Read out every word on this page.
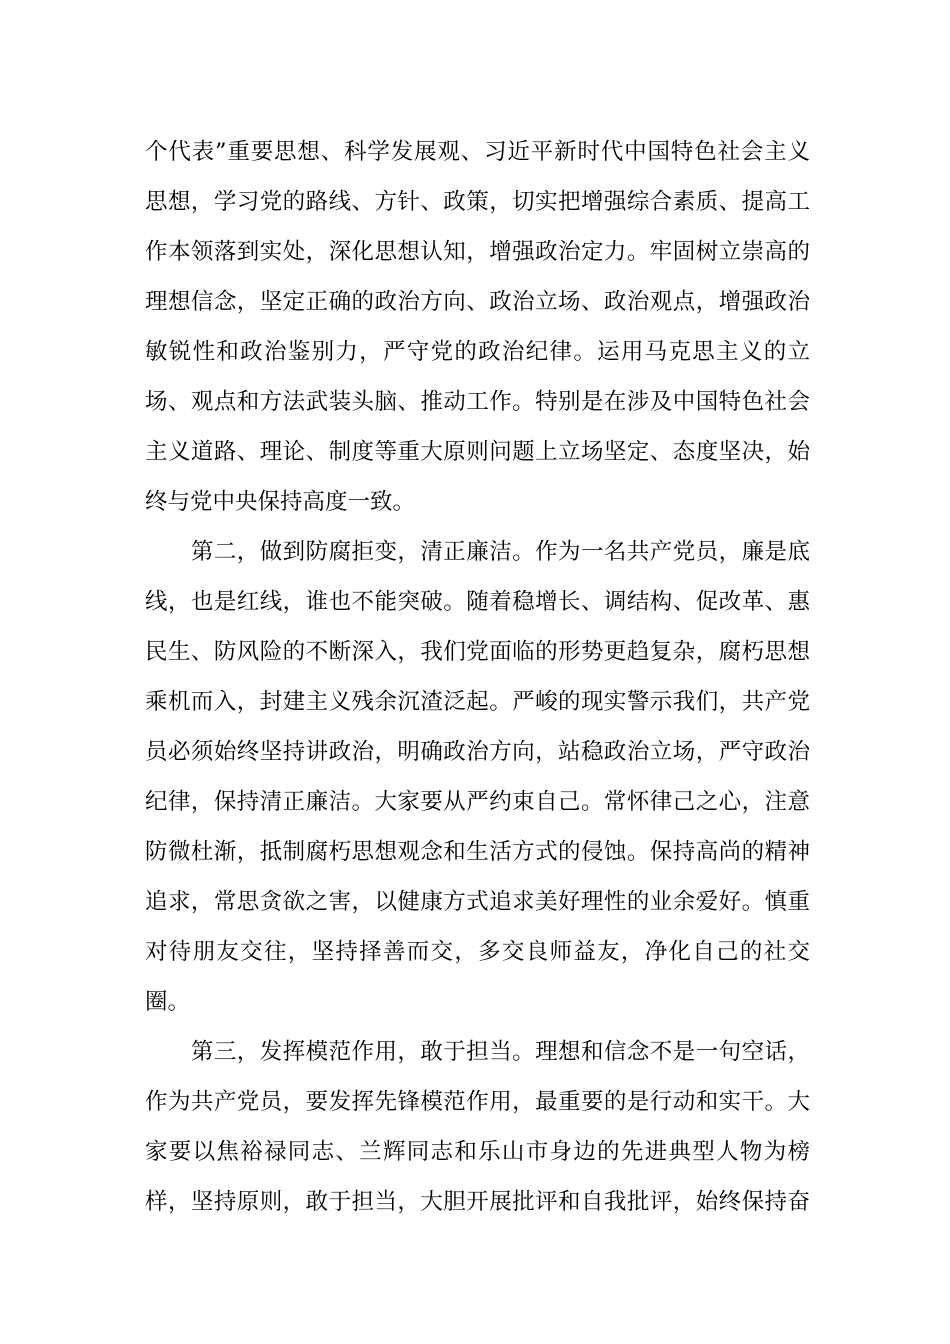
个代表”重要思想、科学发展观、习近平新时代中国特色社会主义
思想，学习党的路线、方针、政策，切实把增强综合素质、提高工
作本领落到实处，深化思想认知，增强政治定力。牢固树立崇高的
理想信念，坚定正确的政治方向、政治立场、政治观点，增强政治
敏锐性和政治鉴别力，严守党的政治纪律。运用马克思主义的立
场、观点和方法武装头脑、推动工作。特别是在涉及中国特色社会
主义道路、理论、制度等重大原则问题上立场坚定、态度坚决，始
终与党中央保持高度一致。
　　第二，做到防腐拒变，清正廉洁。作为一名共产党员，廉是底
线，也是红线，谁也不能突破。随着稳增长、调结构、促改革、惠
民生、防风险的不断深入，我们党面临的形势更趋复杂，腐朽思想
乘机而入，封建主义残余沉渣泛起。严峻的现实警示我们，共产党
员必须始终坚持讲政治，明确政治方向，站稳政治立场，严守政治
纪律，保持清正廉洁。大家要从严约束自己。常怀律己之心，注意
防微杜渐，抵制腐朽思想观念和生活方式的侵蚀。保持高尚的精神
追求，常思贪欲之害，以健康方式追求美好理性的业余爱好。慎重
对待朋友交往，坚持择善而交，多交良师益友，净化自己的社交
圈。
　　第三，发挥模范作用，敢于担当。理想和信念不是一句空话，
作为共产党员，要发挥先锋模范作用，最重要的是行动和实干。大
家要以焦裕禄同志、兰辉同志和乐山市身边的先进典型人物为榜
样，坚持原则，敢于担当，大胆开展批评和自我批评，始终保持奋
